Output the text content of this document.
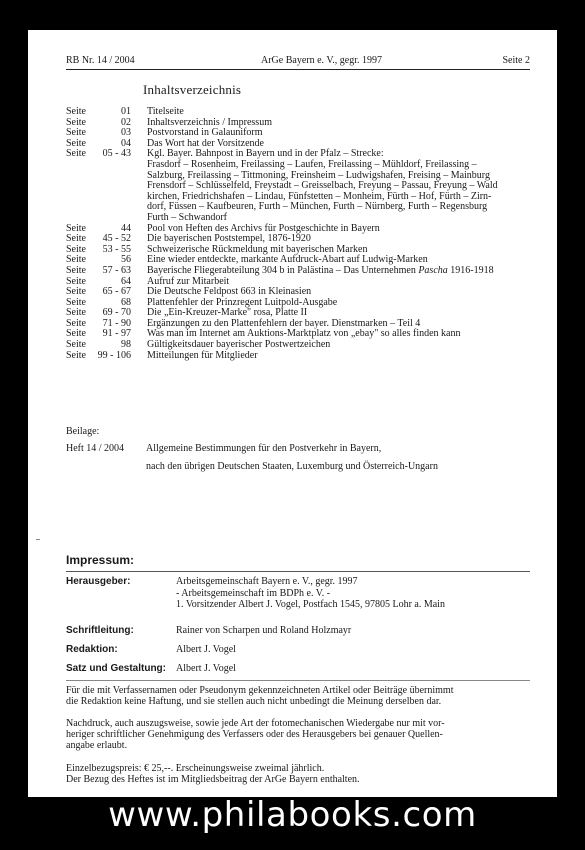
RB Nr. 14 / 2004	ArGe Bayern e. V., gegr. 1997	Seite 2
Inhaltsverzeichnis
Seite	01 Titelseite
Seite	02 Inhaltsverzeichnis / Impressum
Seite	03 Postvorstand in Galauniform
Seite	04 Das Wort hat der Vorsitzende
Seite	05 - 43 Kgl. Bayer. Bahnpost in Bayern und in der Pfalz – Strecke:
Frasdorf – Rosenheim, Freilassing – Laufen, Freilassing – Mühldorf, Freilassing –
Salzburg, Freilassing – Tittmoning, Freinsheim – Ludwigshafen, Freising – Mainburg
Frensdorf – Schlüsselfeld, Freystadt – Greisselbach, Freyung – Passau, Freyung – Wald
kirchen, Friedrichshafen – Lindau, Fünfstetten – Monheim, Fürth – Hof, Fürth – Zirn-
dorf, Füssen – Kaufbeuren, Furth – München, Furth – Nürnberg, Furth – Regensburg
Furth – Schwandorf
Seite	44 Pool von Heften des Archivs für Postgeschichte in Bayern
Seite	45 - 52 Die bayerischen Poststempel, 1876-1920
Seite	53 - 55 Schweizerische Rückmeldung mit bayerischen Marken
Seite	56 Eine wieder entdeckte, markante Aufdruck-Abart auf Ludwig-Marken
Seite	57 - 63 Bayerische Fliegerabteilung 304 b in Palästina – Das Unternehmen Pascha 1916-1918
Seite	64 Aufruf zur Mitarbeit
Seite	65 - 67 Die Deutsche Feldpost 663 in Kleinasien
Seite	68 Plattenfehler der Prinzregent Luitpold-Ausgabe
Seite	69 - 70 Die „Ein-Kreuzer-Marke" rosa, Platte II
Seite	71 - 90 Ergänzungen zu den Plattenfehlern der bayer. Dienstmarken – Teil 4
Seite	91 - 97 Was man im Internet am Auktions-Marktplatz von „ebay" so alles finden kann
Seite	98 Gültigkeitsdauer bayerischer Postwertzeichen
Seite 99 - 106 Mitteilungen für Mitglieder
Beilage:
Heft 14 / 2004 Allgemeine Bestimmungen für den Postverkehr in Bayern,
nach den übrigen Deutschen Staaten, Luxemburg und Österreich-Ungarn
Impressum:
Herausgeber:	Arbeitsgemeinschaft Bayern e. V., gegr. 1997
- Arbeitsgemeinschaft im BDPh e. V. -
1. Vorsitzender Albert J. Vogel, Postfach 1545, 97805 Lohr a. Main
Schriftleitung:	Rainer von Scharpen und Roland Holzmayr
Redaktion:	Albert J. Vogel
Satz und Gestaltung: Albert J. Vogel
Für die mit Verfassernamen oder Pseudonym gekennzeichneten Artikel oder Beiträge übernimmt
die Redaktion keine Haftung, und sie stellen auch nicht unbedingt die Meinung derselben dar.
Nachdruck, auch auszugsweise, sowie jede Art der fotomechanischen Wiedergabe nur mit vor-
heriger schriftlicher Genehmigung des Verfassers oder des Herausgebers bei genauer Quellen-
angabe erlaubt.
Einzelbezugspreis: € 25,--. Erscheinungsweise zweimal jährlich.
Der Bezug des Heftes ist im Mitgliedsbeitrag der ArGe Bayern enthalten.
www.philabooks.com
